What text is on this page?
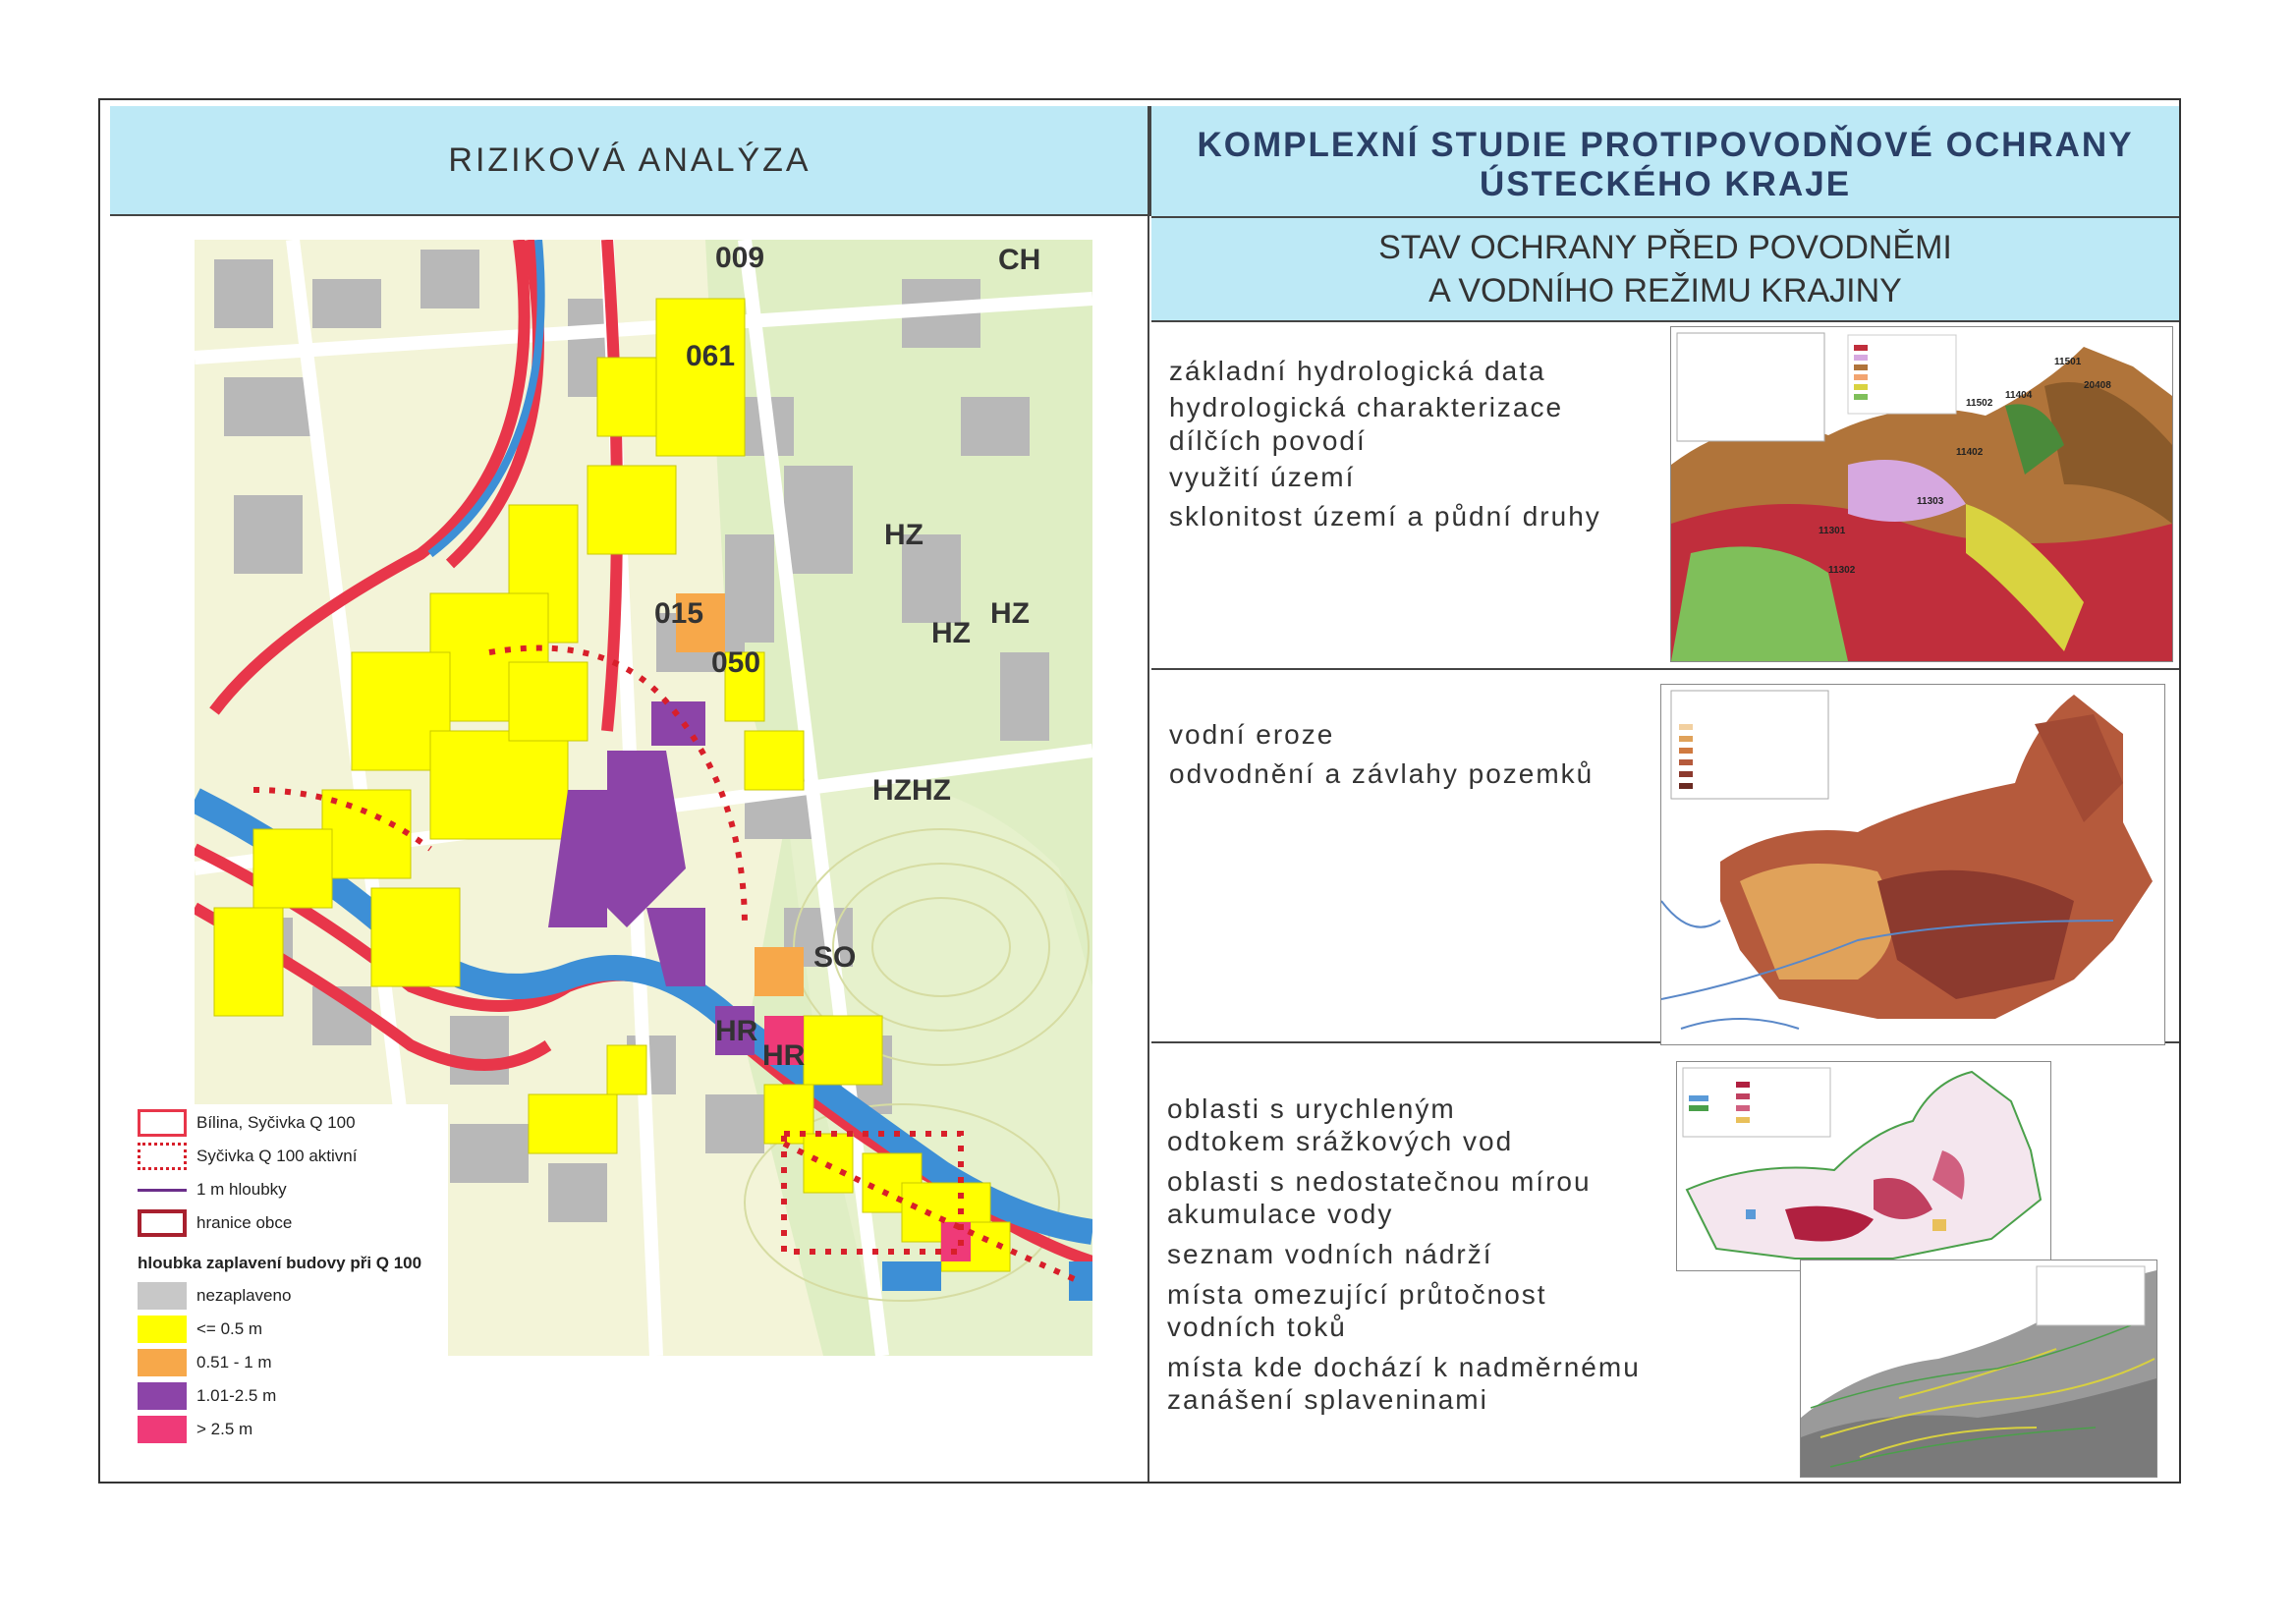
RIZIKOVÁ ANALÝZA	KOMPLEXNÍ STUDIE PROTIPOVODŇOVÉ OCHRANY
ÚSTECKÉHO KRAJE
STAV OCHRANY PŘED POVODNĚMI
A VODNÍHO REŽIMU KRAJINY
009
061
015
050
CH
HZ
HZ
HZ
HZHZ
SO
HR
HR
Bílina, Syčivka Q 100
Syčivka Q 100 aktivní
1 m hloubky
hranice obce
hloubka zaplavení budovy při Q 100
nezaplaveno
<= 0.5 m
0.51 - 1 m
1.01-2.5 m
> 2.5 m
základní hydrologická data
hydrologická charakterizace
dílčích povodí
využití území
sklonitost území a půdní druhy
11501
20408
11502
11404
11402
11303
11301
11302
vodní eroze
odvodnění a závlahy pozemků
oblasti s urychleným
odtokem srážkových vod
oblasti s nedostatečnou mírou
akumulace vody
seznam vodních nádrží
místa omezující průtočnost
vodních toků
místa kde dochází k nadměrnému
zanášení splaveninami
